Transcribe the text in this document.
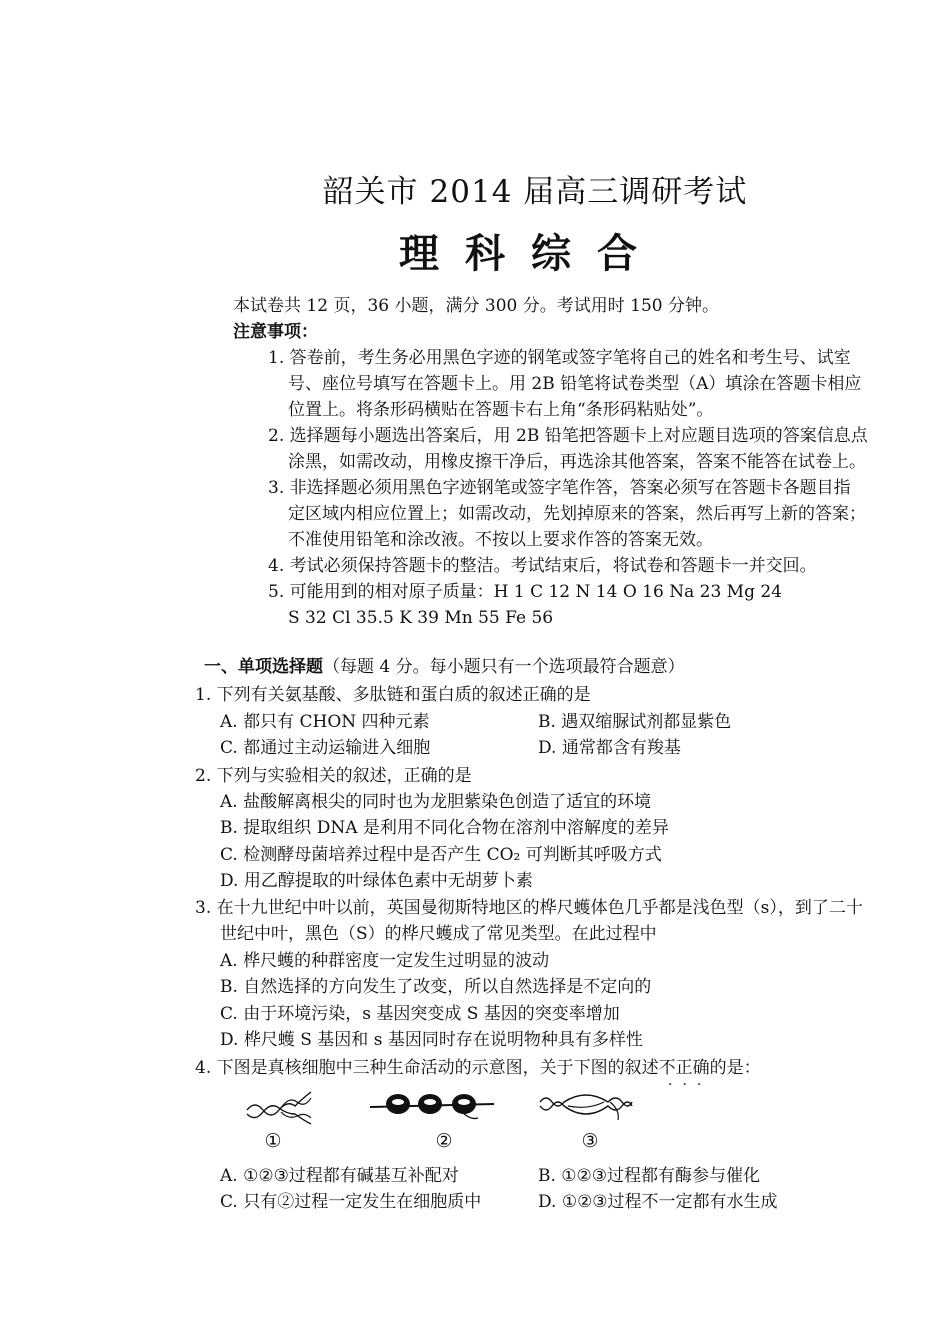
韶关市 2014 届高三调研考试
理科综合
本试卷共 12 页，36 小题，满分 300 分。考试用时 150 分钟。
注意事项：
1. 答卷前，考生务必用黑色字迹的钢笔或签字笔将自己的姓名和考生号、试室
号、座位号填写在答题卡上。用 2B 铅笔将试卷类型（A）填涂在答题卡相应
位置上。将条形码横贴在答题卡右上角“条形码粘贴处”。
2. 选择题每小题选出答案后，用 2B 铅笔把答题卡上对应题目选项的答案信息点
涂黑，如需改动，用橡皮擦干净后，再选涂其他答案，答案不能答在试卷上。
3. 非选择题必须用黑色字迹钢笔或签字笔作答，答案必须写在答题卡各题目指
定区域内相应位置上；如需改动，先划掉原来的答案，然后再写上新的答案；
不准使用铅笔和涂改液。不按以上要求作答的答案无效。
4. 考试必须保持答题卡的整洁。考试结束后，将试卷和答题卡一并交回。
5. 可能用到的相对原子质量：H 1 C 12 N 14 O 16 Na 23 Mg 24
S 32 Cl 35.5 K 39 Mn 55 Fe 56
一、单项选择题（每题 4 分。每小题只有一个选项最符合题意）
1. 下列有关氨基酸、多肽链和蛋白质的叙述正确的是
A. 都只有 CHON 四种元素	B. 遇双缩脲试剂都显紫色
C. 都通过主动运输进入细胞	D. 通常都含有羧基
2. 下列与实验相关的叙述，正确的是
A. 盐酸解离根尖的同时也为龙胆紫染色创造了适宜的环境
B. 提取组织 DNA 是利用不同化合物在溶剂中溶解度的差异
C. 检测酵母菌培养过程中是否产生 CO₂ 可判断其呼吸方式
D. 用乙醇提取的叶绿体色素中无胡萝卜素
3. 在十九世纪中叶以前，英国曼彻斯特地区的桦尺蠖体色几乎都是浅色型（s），到了二十
世纪中叶，黑色（S）的桦尺蠖成了常见类型。在此过程中
A. 桦尺蠖的种群密度一定发生过明显的波动
B. 自然选择的方向发生了改变，所以自然选择是不定向的
C. 由于环境污染，s 基因突变成 S 基因的突变率增加
D. 桦尺蠖 S 基因和 s 基因同时存在说明物种具有多样性
4. 下图是真核细胞中三种生命活动的示意图，关于下图的叙述不正确的是：
···
①	②	③
A. ①②③过程都有碱基互补配对	B. ①②③过程都有酶参与催化
C. 只有②过程一定发生在细胞质中	D. ①②③过程不一定都有水生成
